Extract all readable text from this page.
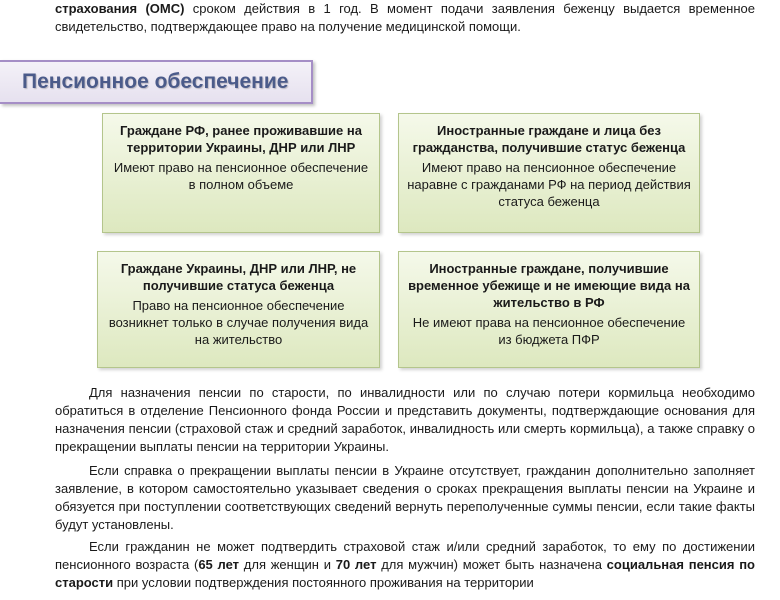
страхования (ОМС) сроком действия в 1 год. В момент подачи заявления беженцу выдается временное свидетельство, подтверждающее право на получение медицинской помощи.

Пенсионное обеспечение
Граждане РФ, ранее проживавшие на территории Украины, ДНР или ЛНР
Имеют право на пенсионное обеспечение в полном объеме
Иностранные граждане и лица без гражданства, получившие статус беженца
Имеют право на пенсионное обеспечение наравне с гражданами РФ на период действия статуса беженца
Граждане Украины, ДНР или ЛНР, не получившие статуса беженца
Право на пенсионное обеспечение возникнет только в случае получения вида на жительство
Иностранные граждане, получившие временное убежище и не имеющие вида на жительство в РФ
Не имеют права на пенсионное обеспечение из бюджета ПФР

Для назначения пенсии по старости, по инвалидности или по случаю потери кормильца необходимо обратиться в отделение Пенсионного фонда России и представить документы, подтверждающие основания для назначения пенсии (страховой стаж и средний заработок, инвалидность или смерть кормильца), а также справку о прекращении выплаты пенсии на территории Украины.

Если справка о прекращении выплаты пенсии в Украине отсутствует, гражданин дополнительно заполняет заявление, в котором самостоятельно указывает сведения о сроках прекращения выплаты пенсии на Украине и обязуется при поступлении соответствующих сведений вернуть переполученные суммы пенсии, если такие факты будут установлены.

Если гражданин не может подтвердить страховой стаж и/или средний заработок, то ему по достижении пенсионного возраста (65 лет для женщин и 70 лет для мужчин) может быть назначена социальная пенсия по старости при условии подтверждения постоянного проживания на территории
